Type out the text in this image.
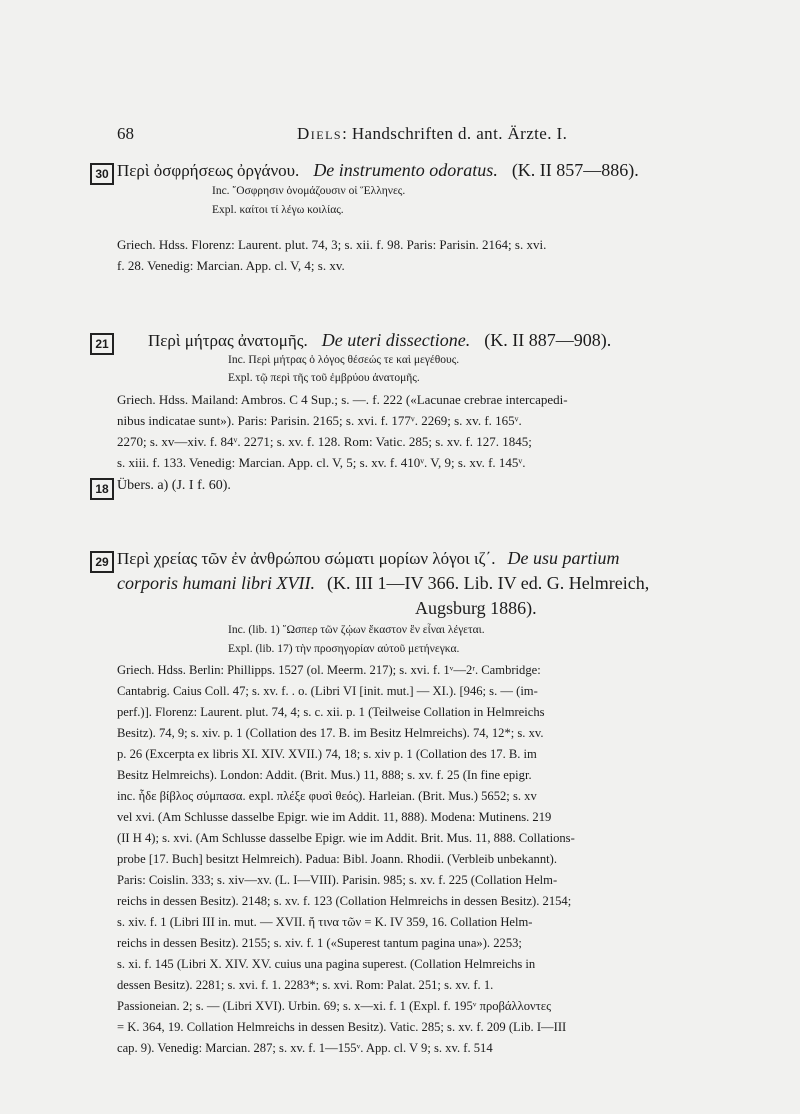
68	Diels: Handschriften d. ant. Ärzte. I.
30 Περὶ ὀσφρήσεως ὀργάνου. De instrumento odoratus. (K. II 857—886).
Inc. ῎Οσφρησιν ὀνομάζουσιν οἱ Ἕλληνες.
Expl. καίτοι τί λέγω κοιλίας.
Griech. Hdss. Florenz: Laurent. plut. 74, 3; s. xii. f. 98. Paris: Parisin. 2164; s. xvi.
f. 28. Venedig: Marcian. App. cl. V, 4; s. xv.
21	Περὶ μήτρας ἀνατομῆς. De uteri dissectione. (K. II 887—908).
Inc. Περὶ μήτρας ὁ λόγος θέσεώς τε καὶ μεγέθους.
Expl. τῷ περὶ τῆς τοῦ ἐμβρύου ἀνατομῆς.
Griech. Hdss. Mailand: Ambros. C 4 Sup.; s. —. f. 222 («Lacunae crebrae intercapedi-
nibus indicatae sunt»). Paris: Parisin. 2165; s. xvi. f. 177ᵛ. 2269; s. xv. f. 165ᵛ.
2270; s. xv—xiv. f. 84ᵛ. 2271; s. xv. f. 128. Rom: Vatic. 285; s. xv. f. 127. 1845;
s. xiii. f. 133. Venedig: Marcian. App. cl. V, 5; s. xv. f. 410ᵛ. V, 9; s. xv. f. 145ᵛ.
18 Übers. a) (J. I f. 60).
29 Περὶ χρείας τῶν ἐν ἀνθρώπου σώματι μορίων λόγοι ιζ΄. De usu partium
corporis humani libri XVII. (K. III 1—IV 366. Lib. IV ed. G. Helmreich,
Augsburg 1886).
Inc. (lib. 1) ῞Ωσπερ τῶν ζῴων ἕκαστον ἓν εἶναι λέγεται.
Expl. (lib. 17) τὴν προσηγορίαν αὐτοῦ μετήνεγκα.
Griech. Hdss. Berlin: Phillipps. 1527 (ol. Meerm. 217); s. xvi. f. 1ᵛ—2ʳ. Cambridge:
Cantabrig. Caius Coll. 47; s. xv. f. . o. (Libri VI [init. mut.] — XI.). [946; s. — (im-
perf.)]. Florenz: Laurent. plut. 74, 4; s. c. xii. p. 1 (Teilweise Collation in Helmreichs
Besitz). 74, 9; s. xiv. p. 1 (Collation des 17. B. im Besitz Helmreichs). 74, 12*; s. xv.
p. 26 (Excerpta ex libris XI. XIV. XVII.) 74, 18; s. xiv p. 1 (Collation des 17. B. im
Besitz Helmreichs). London: Addit. (Brit. Mus.) 11, 888; s. xv. f. 25 (In fine epigr.
inc. ἧδε βίβλος σύμπασα. expl. πλέξε φυσὶ θεός). Harleian. (Brit. Mus.) 5652; s. xv
vel xvi. (Am Schlusse dasselbe Epigr. wie im Addit. 11, 888). Modena: Mutinens. 219
(II H 4); s. xvi. (Am Schlusse dasselbe Epigr. wie im Addit. Brit. Mus. 11, 888. Collations-
probe [17. Buch] besitzt Helmreich). Padua: Bibl. Joann. Rhodii. (Verbleib unbekannt).
Paris: Coislin. 333; s. xiv—xv. (L. I—VIII). Parisin. 985; s. xv. f. 225 (Collation Helm-
reichs in dessen Besitz). 2148; s. xv. f. 123 (Collation Helmreichs in dessen Besitz). 2154;
s. xiv. f. 1 (Libri III in. mut. — XVII. ἤ τινα τῶν = K. IV 359, 16. Collation Helm-
reichs in dessen Besitz). 2155; s. xiv. f. 1 («Superest tantum pagina una»). 2253;
s. xi. f. 145 (Libri X. XIV. XV. cuius una pagina superest. (Collation Helmreichs in
dessen Besitz). 2281; s. xvi. f. 1. 2283*; s. xvi. Rom: Palat. 251; s. xv. f. 1.
Passioneian. 2; s. — (Libri XVI). Urbin. 69; s. x—xi. f. 1 (Expl. f. 195ᵛ προβάλλοντες
= K. 364, 19. Collation Helmreichs in dessen Besitz). Vatic. 285; s. xv. f. 209 (Lib. I—III
cap. 9). Venedig: Marcian. 287; s. xv. f. 1—155ᵛ. App. cl. V 9; s. xv. f. 514
